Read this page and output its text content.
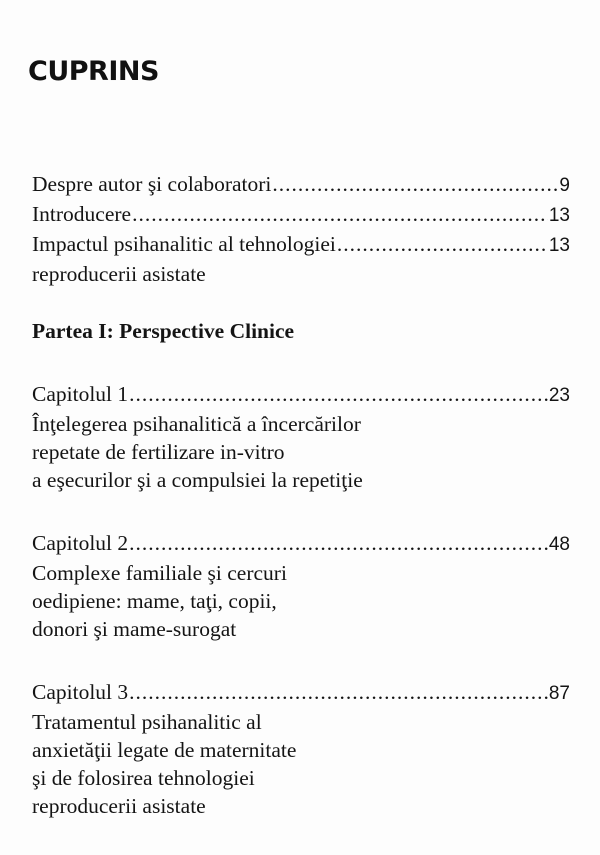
CUPRINS
Despre autor şi colaboratori .....	9
Introducere .....	13
Impactul psihanalitic al tehnologiei .....	13
reproducerii asistate
Partea I: Perspective Clinice
Capitolul 1 .....	23
Înţelegerea psihanalitică a încercărilor
repetate de fertilizare in-vitro
a eşecurilor şi a compulsiei la repetiţie
Capitolul 2 .....	48
Complexe familiale şi cercuri
oedipiene: mame, taţi, copii,
donori şi mame-surogat
Capitolul 3 .....	87
Tratamentul psihanalitic al
anxietăţii legate de maternitate
şi de folosirea tehnologiei
reproducerii asistate
